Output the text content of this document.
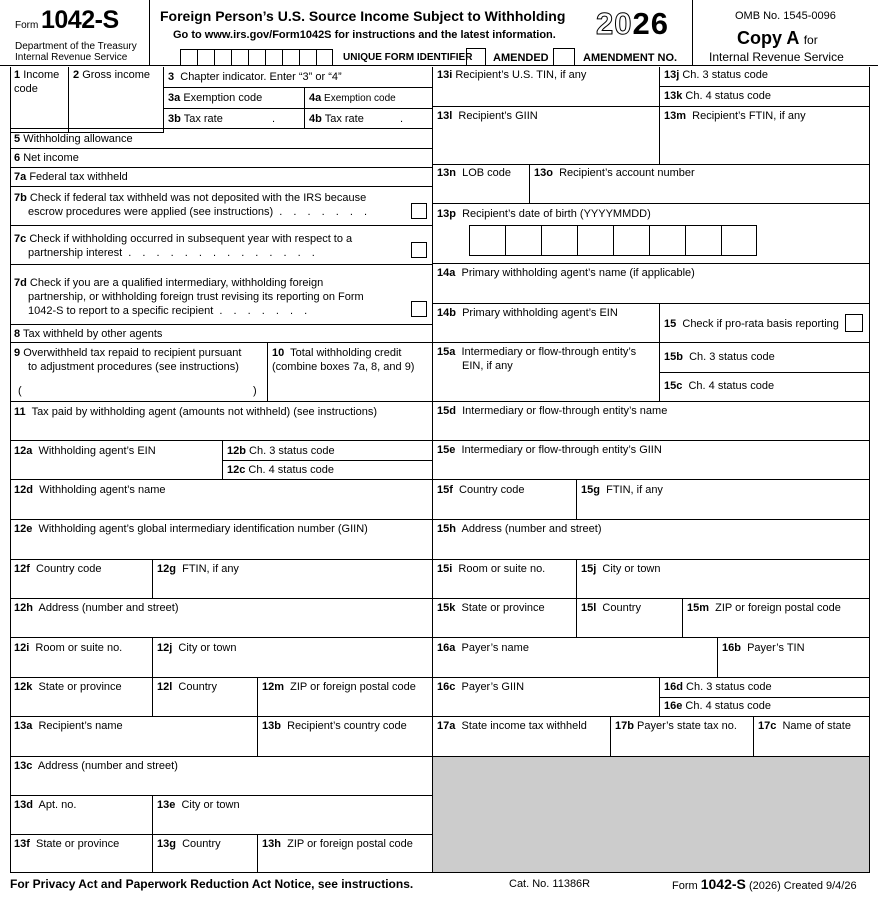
Form 1042-S
Department of the Treasury
Internal Revenue Service
Foreign Person’s U.S. Source Income Subject to Withholding
Go to www.irs.gov/Form1042S for instructions and the latest information. 2026	OMB No. 1545-0096
Copy A for
Internal Revenue Service
UNIQUE FORM IDENTIFIER AMENDED	AMENDMENT NO.
1 Income code
2 Gross income	3 Chapter indicator. Enter “3” or “4”
3a Exemption code	4a Exemption code
3b Tax rate	.	4b Tax rate	.
5 Withholding allowance
6 Net income
7a Federal tax withheld
7b Check if federal tax withheld was not deposited with the IRS because
escrow procedures were applied (see instructions) . . . . . . .
7c Check if withholding occurred in subsequent year with respect to a
partnership interest . . . . . . . . . . . . . .
7d Check if you are a qualified intermediary, withholding foreign
partnership, or withholding foreign trust revising its reporting on Form
1042-S to report to a specific recipient . . . . . . .
8 Tax withheld by other agents
9 Overwithheld tax repaid to recipient pursuant
to adjustment procedures (see instructions)
(	)
10 Total withholding credit
(combine boxes 7a, 8, and 9)
11 Tax paid by withholding agent (amounts not withheld) (see instructions)
12a Withholding agent’s EIN	12b Ch. 3 status code
12c Ch. 4 status code
12d Withholding agent’s name
12e Withholding agent’s global intermediary identification number (GIIN)
12f Country code	12g FTIN, if any
12h Address (number and street)
12i Room or suite no.	12j City or town
12k State or province	12l Country	12m ZIP or foreign postal code
13a Recipient’s name	13b Recipient’s country code
13c Address (number and street)
13d Apt. no.	13e City or town
13f State or province	13g Country	13h ZIP or foreign postal code
13i Recipient’s U.S. TIN, if any	13j Ch. 3 status code
13k Ch. 4 status code
13l Recipient’s GIIN	13m Recipient’s FTIN, if any
13n LOB code	13o Recipient’s account number
13p Recipient’s date of birth (YYYYMMDD)
14a Primary withholding agent’s name (if applicable)
14b Primary withholding agent’s EIN
15 Check if pro-rata basis reporting
15a Intermediary or flow-through entity’s
EIN, if any
15b Ch. 3 status code
15c Ch. 4 status code
15d Intermediary or flow-through entity’s name
15e Intermediary or flow-through entity’s GIIN
15f Country code	15g FTIN, if any
15h Address (number and street)
15i Room or suite no.	15j City or town
15k State or province	15l Country	15m ZIP or foreign postal code
16a Payer’s name	16b Payer’s TIN
16c Payer’s GIIN	16d Ch. 3 status code
16e Ch. 4 status code
17a State income tax withheld	17b Payer’s state tax no.	17c Name of state
For Privacy Act and Paperwork Reduction Act Notice, see instructions.	Cat. No. 11386R	Form 1042-S (2026) Created 9/4/26
